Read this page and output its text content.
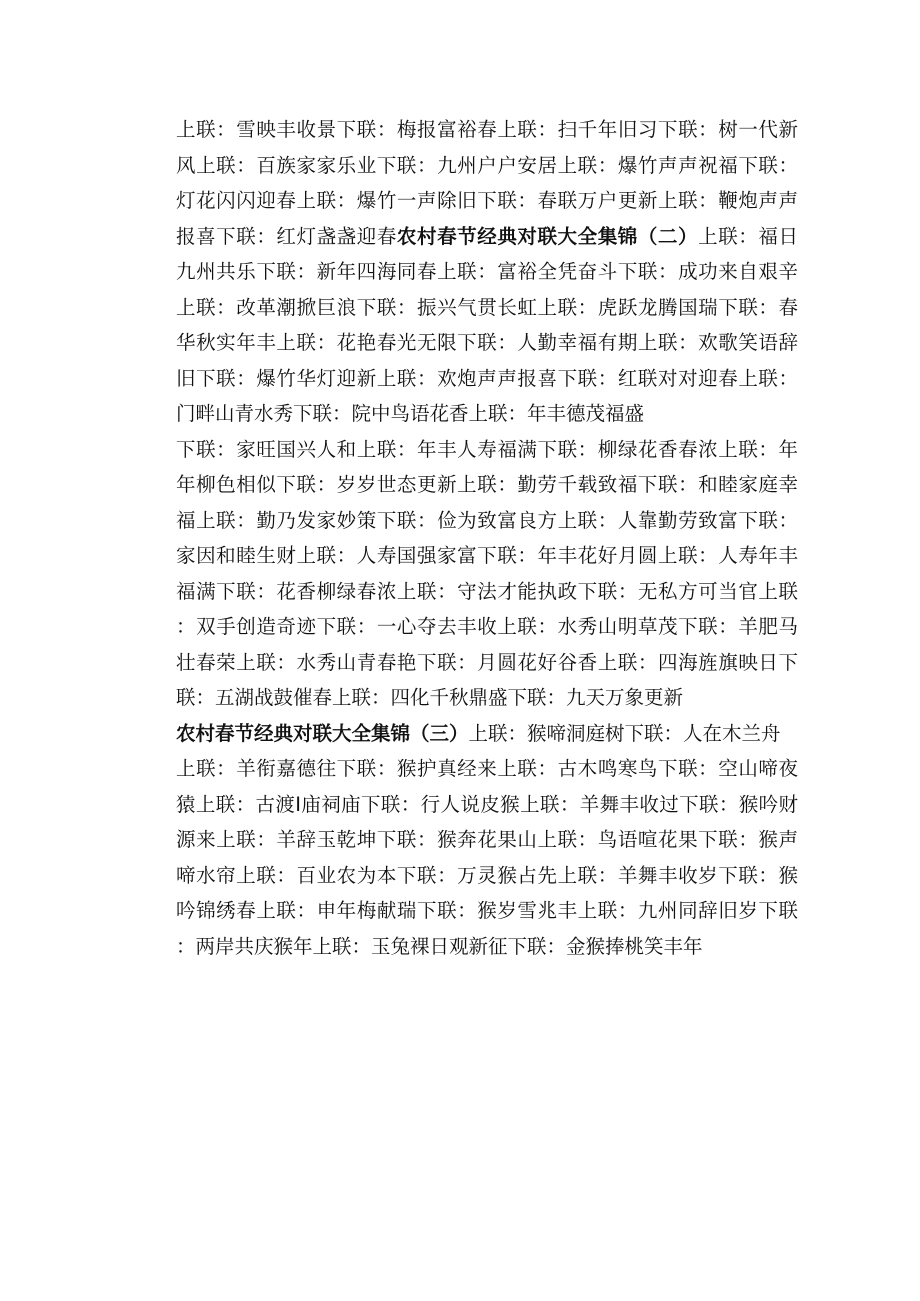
上联：雪映丰收景下联：梅报富裕春上联：扫千年旧习下联：树一代新风上联：百族家家乐业下联：九州户户安居上联：爆竹声声祝福下联：灯花闪闪迎春上联：爆竹一声除旧下联：春联万户更新上联：鞭炮声声报喜下联：红灯盏盏迎春农村春节经典对联大全集锦（二）上联：福日九州共乐下联：新年四海同春上联：富裕全凭奋斗下联：成功来自艰辛上联：改革潮掀巨浪下联：振兴气贯长虹上联：虎跃龙腾国瑞下联：春华秋实年丰上联：花艳春光无限下联：人勤幸福有期上联：欢歌笑语辞旧下联：爆竹华灯迎新上联：欢炮声声报喜下联：红联对对迎春上联：门畔山青水秀下联：院中鸟语花香上联：年丰德茂福盛

下联：家旺国兴人和上联：年丰人寿福满下联：柳绿花香春浓上联：年年柳色相似下联：岁岁世态更新上联：勤劳千载致福下联：和睦家庭幸福上联：勤乃发家妙策下联：俭为致富良方上联：人靠勤劳致富下联：家因和睦生财上联：人寿国强家富下联：年丰花好月圆上联：人寿年丰福满下联：花香柳绿春浓上联：守法才能执政下联：无私方可当官上联：双手创造奇迹下联：一心夺去丰收上联：水秀山明草茂下联：羊肥马壮春荣上联：水秀山青春艳下联：月圆花好谷香上联：四海旌旗映日下联：五湖战鼓催春上联：四化千秋鼎盛下联：九天万象更新

农村春节经典对联大全集锦（三）上联：猴啼洞庭树下联：人在木兰舟

上联：羊衔嘉德往下联：猴护真经来上联：古木鸣寒鸟下联：空山啼夜猿上联：古渡I庙祠庙下联：行人说皮猴上联：羊舞丰收过下联：猴吟财源来上联：羊辞玉乾坤下联：猴奔花果山上联：鸟语喧花果下联：猴声啼水帘上联：百业农为本下联：万灵猴占先上联：羊舞丰收岁下联：猴吟锦绣春上联：申年梅献瑞下联：猴岁雪兆丰上联：九州同辞旧岁下联：两岸共庆猴年上联：玉兔裸日观新征下联：金猴捧桃笑丰年
